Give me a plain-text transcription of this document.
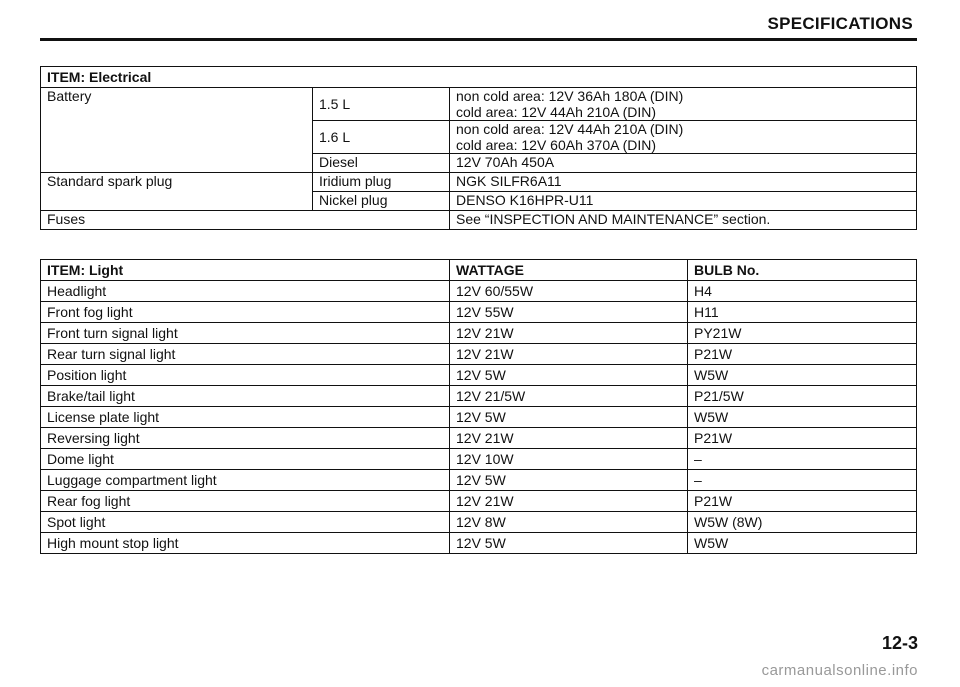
SPECIFICATIONS
ITEM: Electrical		
Battery	1.5 L	non cold area: 12V 36Ah 180A (DIN)
cold area: 12V 44Ah 210A (DIN)

	1.6 L	non cold area: 12V 44Ah 210A (DIN)
cold area: 12V 60Ah 370A (DIN)

	Diesel	12V 70Ah 450A
Standard spark plug	Iridium plug	NGK SILFR6A11
	Nickel plug	DENSO K16HPR-U11
Fuses		See “INSPECTION AND MAINTENANCE” section.
ITEM: Light	WATTAGE	BULB No.
Headlight	12V 60/55W	H4
Front fog light	12V 55W	H11
Front turn signal light	12V 21W	PY21W
Rear turn signal light	12V 21W	P21W
Position light	12V 5W	W5W
Brake/tail light	12V 21/5W	P21/5W
License plate light	12V 5W	W5W
Reversing light	12V 21W	P21W
Dome light	12V 10W	–
Luggage compartment light	12V 5W	–
Rear fog light	12V 21W	P21W
Spot light	12V 8W	W5W (8W)
High mount stop light	12V 5W	W5W
12-3
carmanualsonline.info
